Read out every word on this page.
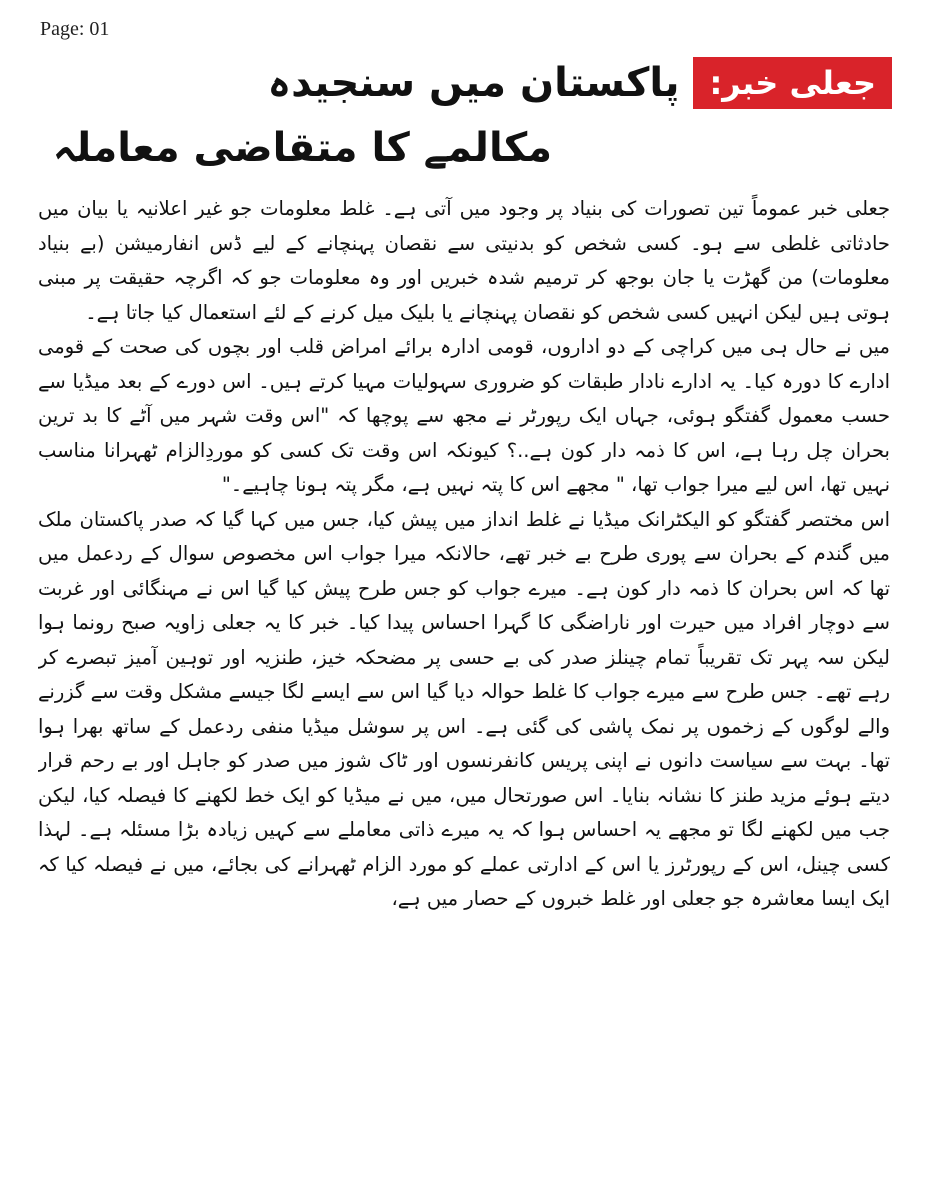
Page: 01
جعلی خبر:
پاکستان میں سنجیدہ
مکالمے کا متقاضی معاملہ

جعلی خبر عموماً تین تصورات کی بنیاد پر وجود میں آتی ہے۔ غلط معلومات جو غیر اعلانیہ یا بیان میں حادثاتی غلطی سے ہو۔ کسی شخص کو بدنیتی سے نقصان پہنچانے کے لیے ڈس انفارمیشن (بے بنیاد معلومات) من گھڑت یا جان بوجھ کر ترمیم شدہ خبریں اور وہ معلومات جو کہ اگرچہ حقیقت پر مبنی ہوتی ہیں لیکن انہیں کسی شخص کو نقصان پہنچانے یا بلیک میل کرنے کے لئے استعمال کیا جاتا ہے۔

میں نے حال ہی میں کراچی کے دو اداروں، قومی ادارہ برائے امراض قلب اور بچوں کی صحت کے قومی ادارے کا دورہ کیا۔ یہ ادارے نادار طبقات کو ضروری سہولیات مہیا کرتے ہیں۔ اس دورے کے بعد میڈیا سے حسب معمول گفتگو ہوئی، جہاں ایک رپورٹر نے مجھ سے پوچھا کہ "اس وقت شہر میں آٹے کا بد ترین بحران چل رہا ہے، اس کا ذمہ دار کون ہے..؟ کیونکہ اس وقت تک کسی کو موردِالزام ٹھہرانا مناسب نہیں تھا، اس لیے میرا جواب تھا، " مجھے اس کا پتہ نہیں ہے، مگر پتہ ہونا چاہیے۔"

اس مختصر گفتگو کو الیکٹرانک میڈیا نے غلط انداز میں پیش کیا، جس میں کہا گیا کہ صدر پاکستان ملک میں گندم کے بحران سے پوری طرح بے خبر تھے، حالانکہ میرا جواب اس مخصوص سوال کے ردعمل میں تھا کہ اس بحران کا ذمہ دار کون ہے۔ میرے جواب کو جس طرح پیش کیا گیا اس نے مہنگائی اور غربت سے دوچار افراد میں حیرت اور ناراضگی کا گہرا احساس پیدا کیا۔ خبر کا یہ جعلی زاویہ صبح رونما ہوا لیکن سہ پہر تک تقریباً تمام چینلز صدر کی بے حسی پر مضحکہ خیز، طنزیہ اور توہین آمیز تبصرے کر رہے تھے۔ جس طرح سے میرے جواب کا غلط حوالہ دیا گیا اس سے ایسے لگا جیسے مشکل وقت سے گزرنے والے لوگوں کے زخموں پر نمک پاشی کی گئی ہے۔ اس پر سوشل میڈیا منفی ردعمل کے ساتھ بھرا ہوا تھا۔ بہت سے سیاست دانوں نے اپنی پریس کانفرنسوں اور ٹاک شوز میں صدر کو جاہل اور بے رحم قرار دیتے ہوئے مزید طنز کا نشانہ بنایا۔ اس صورتحال میں، میں نے میڈیا کو ایک خط لکھنے کا فیصلہ کیا، لیکن جب میں لکھنے لگا تو مجھے یہ احساس ہوا کہ یہ میرے ذاتی معاملے سے کہیں زیادہ بڑا مسئلہ ہے۔ لہذا کسی چینل، اس کے رپورٹرز یا اس کے ادارتی عملے کو مورد الزام ٹھہرانے کی بجائے، میں نے فیصلہ کیا کہ ایک ایسا معاشرہ جو جعلی اور غلط خبروں کے حصار میں ہے،
